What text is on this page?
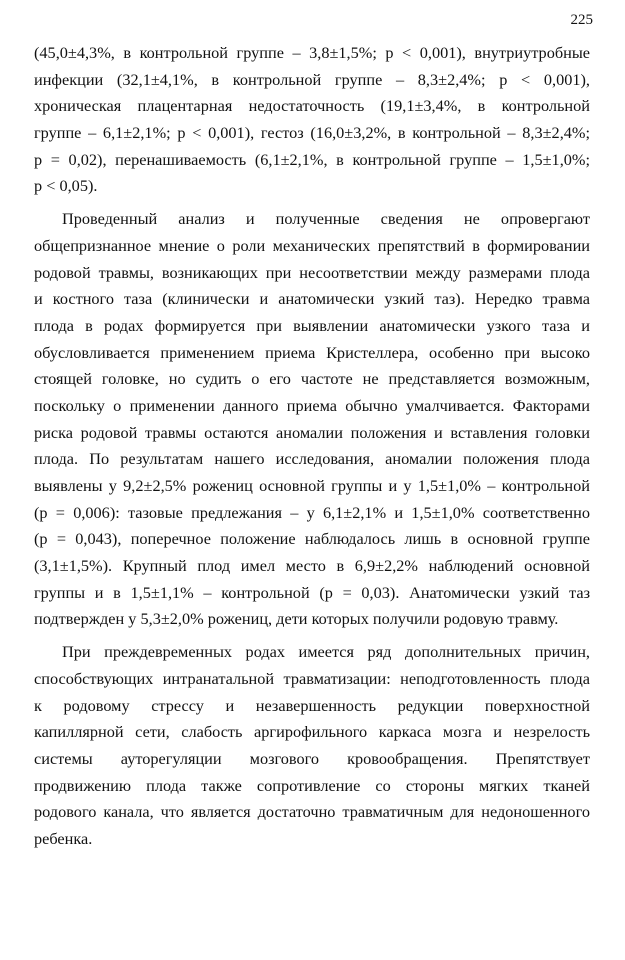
225
(45,0±4,3%, в контрольной группе – 3,8±1,5%; р < 0,001), внутриутробные
инфекции (32,1±4,1%, в контрольной группе – 8,3±2,4%; р < 0,001),
хроническая плацентарная недостаточность (19,1±3,4%, в контрольной
группе – 6,1±2,1%; р < 0,001), гестоз (16,0±3,2%, в контрольной – 8,3±2,4%;
р = 0,02), перенашиваемость (6,1±2,1%, в контрольной группе – 1,5±1,0%;
р < 0,05).
Проведенный анализ и полученные сведения не опровергают
общепризнанное мнение о роли механических препятствий в формировании
родовой травмы, возникающих при несоответствии между размерами плода
и костного таза (клинически и анатомически узкий таз). Нередко травма
плода в родах формируется при выявлении анатомически узкого таза и
обусловливается применением приема Кристеллера, особенно при высоко
стоящей головке, но судить о его частоте не представляется возможным,
поскольку о применении данного приема обычно умалчивается. Факторами
риска родовой травмы остаются аномалии положения и вставления головки
плода. По результатам нашего исследования, аномалии положения плода
выявлены у 9,2±2,5% рожениц основной группы и у 1,5±1,0% – контрольной
(р = 0,006): тазовые предлежания – у 6,1±2,1% и 1,5±1,0% соответственно
(р = 0,043), поперечное положение наблюдалось лишь в основной группе
(3,1±1,5%). Крупный плод имел место в 6,9±2,2% наблюдений основной
группы и в 1,5±1,1% – контрольной (р = 0,03). Анатомически узкий таз
подтвержден у 5,3±2,0% рожениц, дети которых получили родовую травму.
При преждевременных родах имеется ряд дополнительных причин,
способствующих интранатальной травматизации: неподготовленность плода
к родовому стрессу и незавершенность редукции поверхностной
капиллярной сети, слабость аргирофильного каркаса мозга и незрелость
системы ауторегуляции мозгового кровообращения. Препятствует
продвижению плода также сопротивление со стороны мягких тканей
родового канала, что является достаточно травматичным для недоношенного
ребенка.
